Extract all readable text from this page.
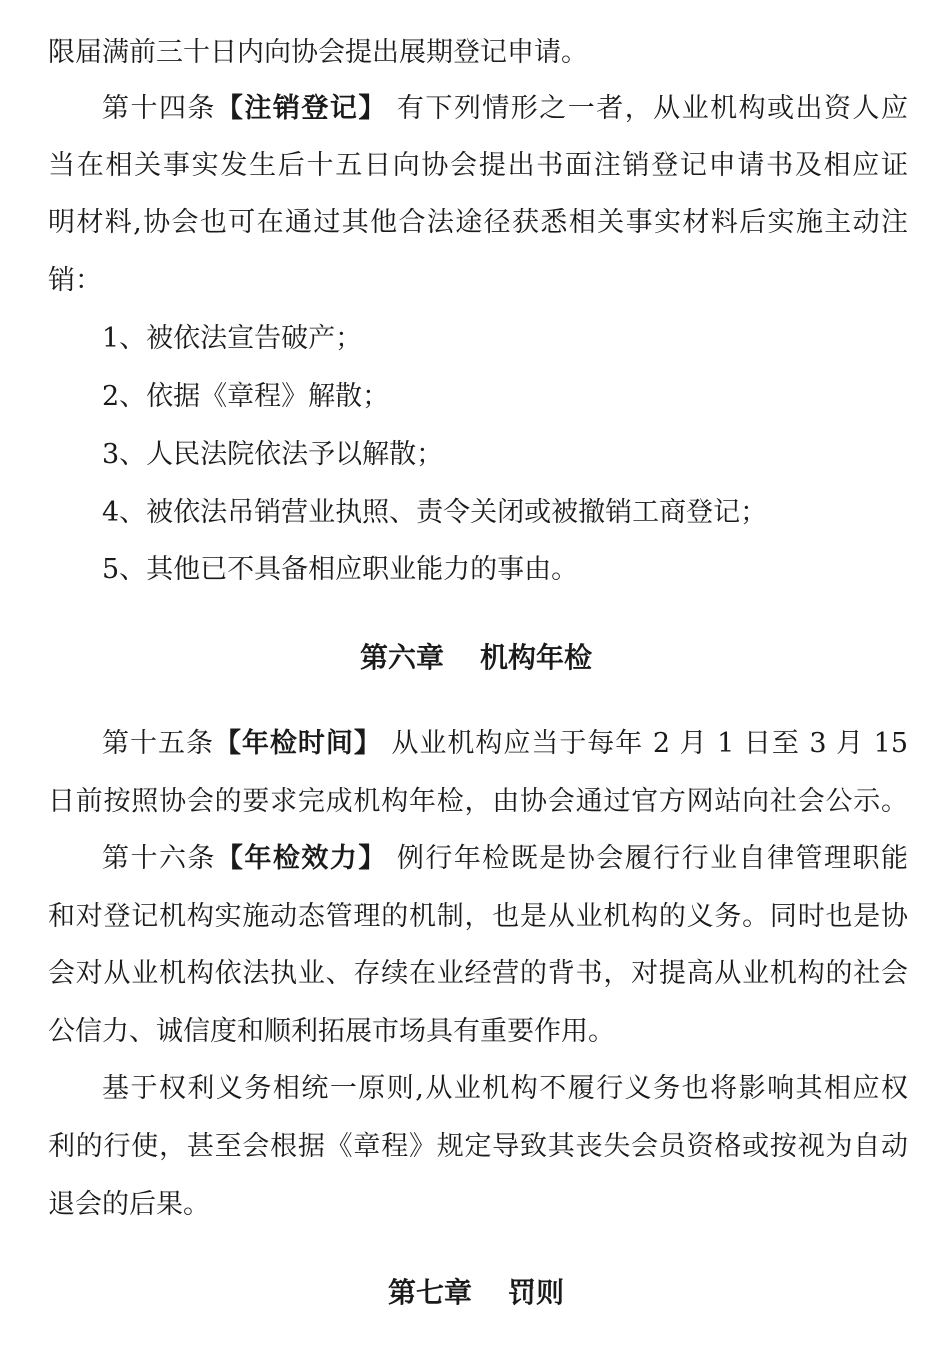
限届满前三十日内向协会提出展期登记申请。
第十四条【注销登记】 有下列情形之一者，从业机构或出资人应
当在相关事实发生后十五日向协会提出书面注销登记申请书及相应证
明材料,协会也可在通过其他合法途径获悉相关事实材料后实施主动注
销：
1、被依法宣告破产；
2、依据《章程》解散；
3、人民法院依法予以解散；
4、被依法吊销营业执照、责令关闭或被撤销工商登记；
5、其他已不具备相应职业能力的事由。
第六章 机构年检
第十五条【年检时间】 从业机构应当于每年 2 月 1 日至 3 月 15
日前按照协会的要求完成机构年检，由协会通过官方网站向社会公示。
第十六条【年检效力】 例行年检既是协会履行行业自律管理职能
和对登记机构实施动态管理的机制，也是从业机构的义务。同时也是协
会对从业机构依法执业、存续在业经营的背书，对提高从业机构的社会
公信力、诚信度和顺利拓展市场具有重要作用。
基于权利义务相统一原则,从业机构不履行义务也将影响其相应权
利的行使，甚至会根据《章程》规定导致其丧失会员资格或按视为自动
退会的后果。
第七章 罚则
